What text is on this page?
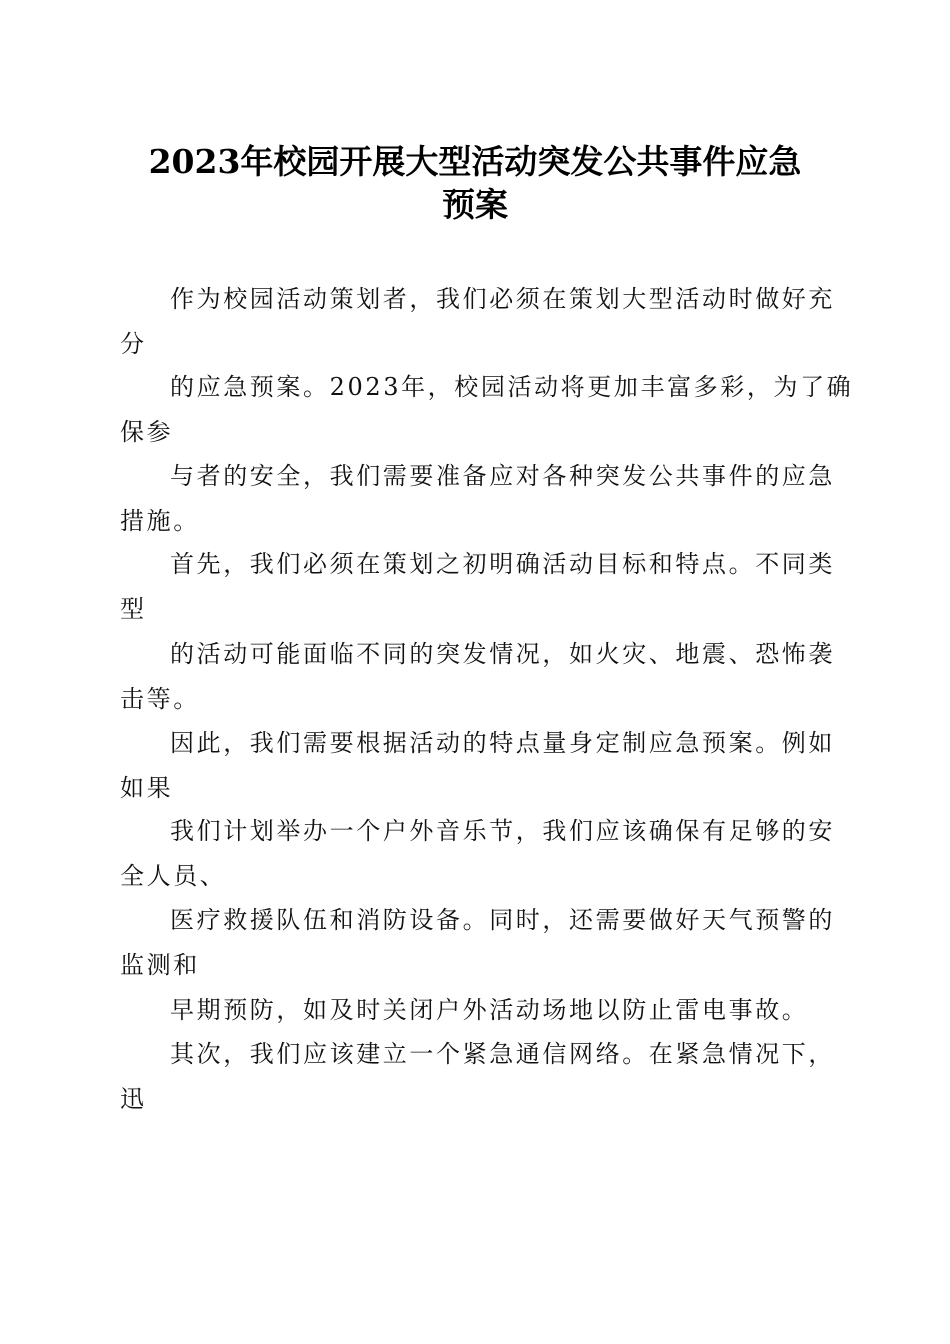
2023年校园开展大型活动突发公共事件应急
预案
作为校园活动策划者，我们必须在策划大型活动时做好充
分
的应急预案。2023年，校园活动将更加丰富多彩，为了确
保参
与者的安全，我们需要准备应对各种突发公共事件的应急
措施。
首先，我们必须在策划之初明确活动目标和特点。不同类
型
的活动可能面临不同的突发情况，如火灾、地震、恐怖袭
击等。
因此，我们需要根据活动的特点量身定制应急预案。例如
如果
我们计划举办一个户外音乐节，我们应该确保有足够的安
全人员、
医疗救援队伍和消防设备。同时，还需要做好天气预警的
监测和
早期预防，如及时关闭户外活动场地以防止雷电事故。
其次，我们应该建立一个紧急通信网络。在紧急情况下，
迅
